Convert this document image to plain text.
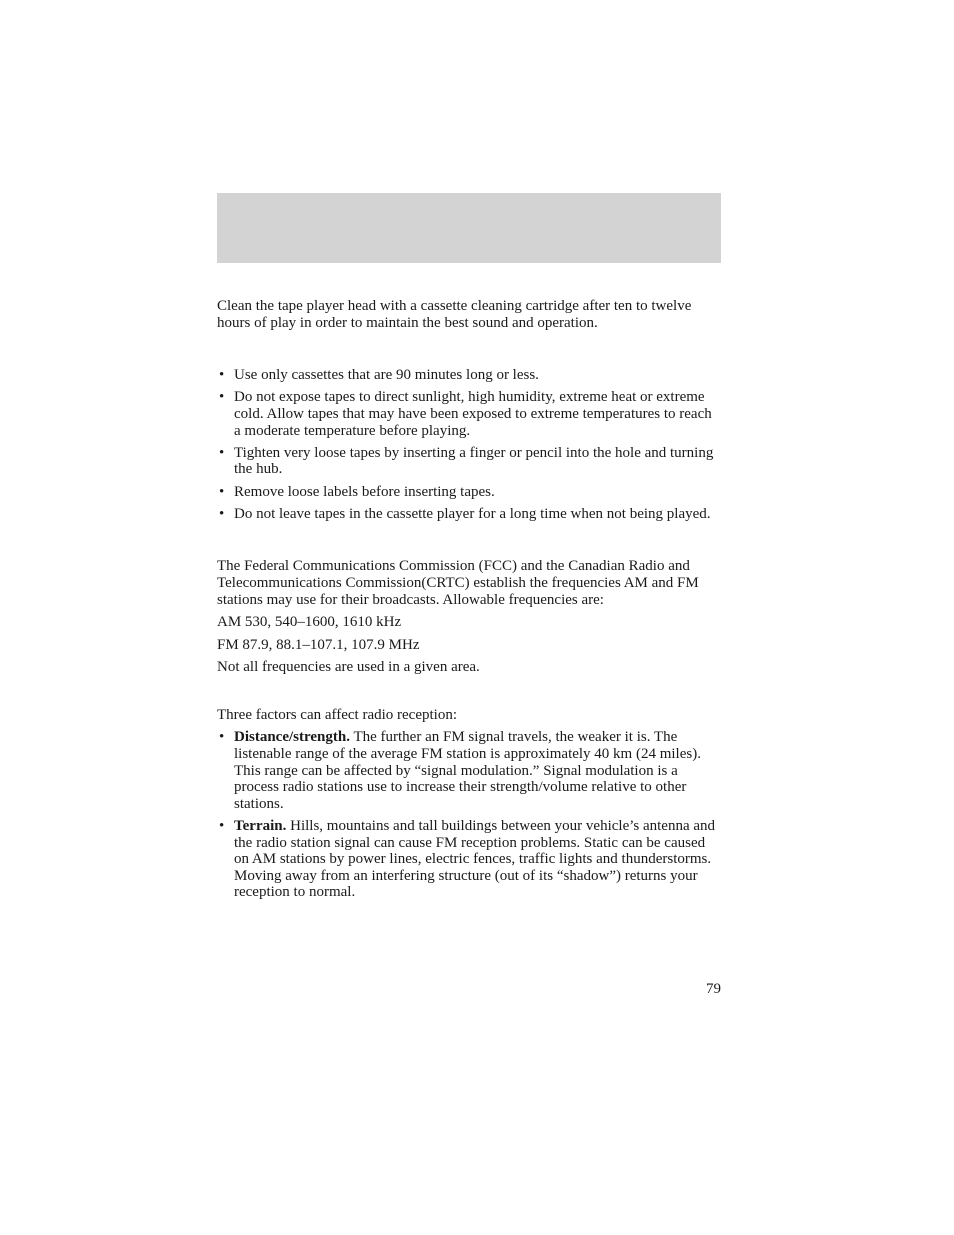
Clean the tape player head with a cassette cleaning cartridge after ten to twelve hours of play in order to maintain the best sound and operation.

• Use only cassettes that are 90 minutes long or less.
• Do not expose tapes to direct sunlight, high humidity, extreme heat or extreme cold. Allow tapes that may have been exposed to extreme temperatures to reach a moderate temperature before playing.
• Tighten very loose tapes by inserting a finger or pencil into the hole and turning the hub.
• Remove loose labels before inserting tapes.
• Do not leave tapes in the cassette player for a long time when not being played.

The Federal Communications Commission (FCC) and the Canadian Radio and Telecommunications Commission(CRTC) establish the frequencies AM and FM stations may use for their broadcasts. Allowable frequencies are:

AM 530, 540–1600, 1610 kHz

FM 87.9, 88.1–107.1, 107.9 MHz

Not all frequencies are used in a given area.

Three factors can affect radio reception:

• Distance/strength. The further an FM signal travels, the weaker it is. The listenable range of the average FM station is approximately 40 km (24 miles). This range can be affected by “signal modulation.” Signal modulation is a process radio stations use to increase their strength/volume relative to other stations.
• Terrain. Hills, mountains and tall buildings between your vehicle’s antenna and the radio station signal can cause FM reception problems. Static can be caused on AM stations by power lines, electric fences, traffic lights and thunderstorms. Moving away from an interfering structure (out of its “shadow”) returns your reception to normal.
79
